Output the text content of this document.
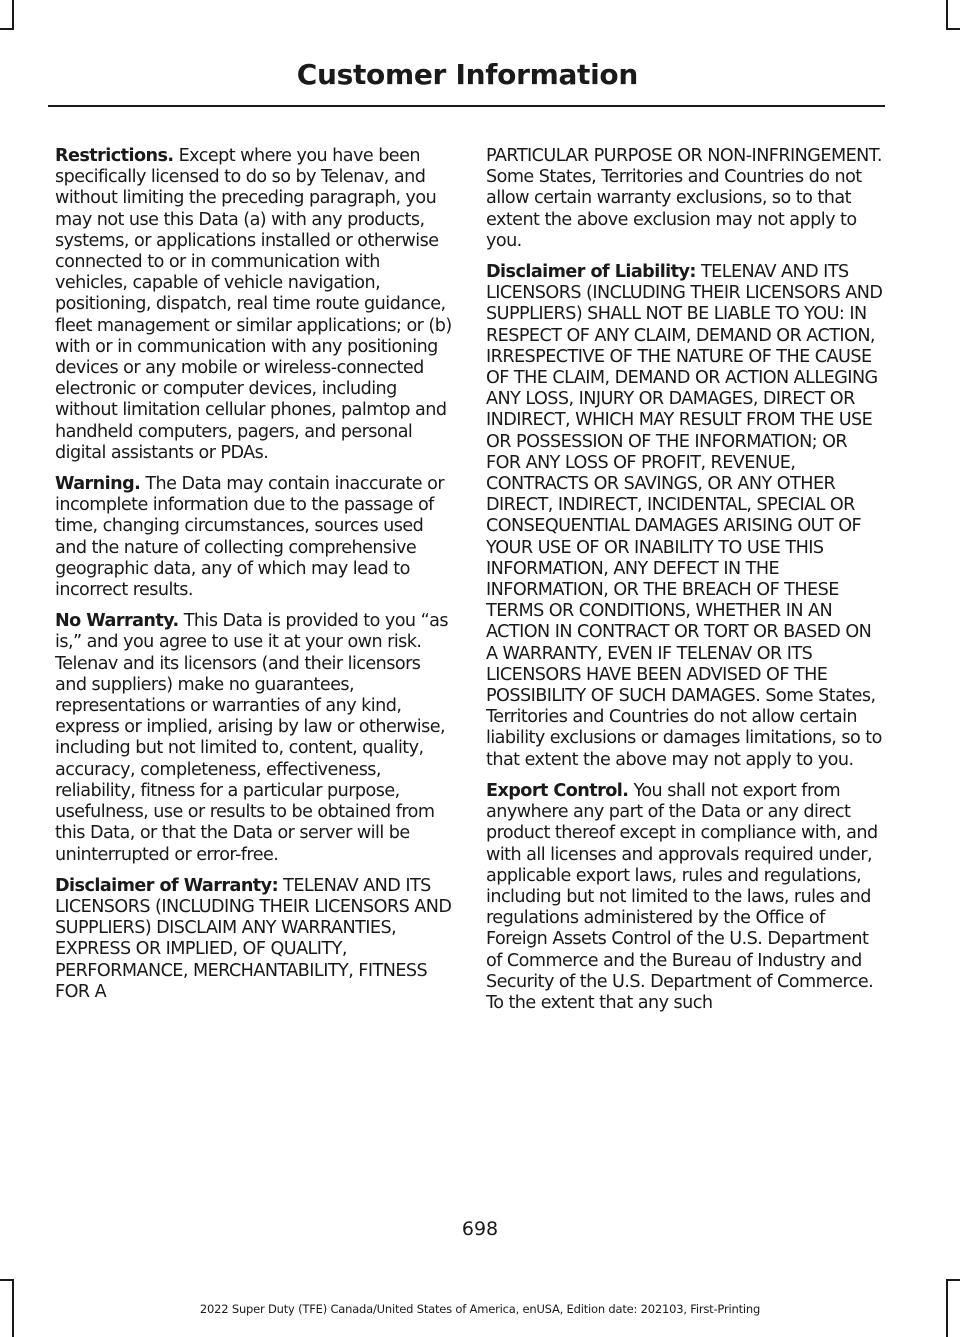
Customer Information

Restrictions. Except where you have been specifically licensed to do so by Telenav, and without limiting the preceding paragraph, you may not use this Data (a) with any products, systems, or applications installed or otherwise connected to or in communication with vehicles, capable of vehicle navigation, positioning, dispatch, real time route guidance, fleet management or similar applications; or (b) with or in communication with any positioning devices or any mobile or wireless-connected electronic or computer devices, including without limitation cellular phones, palmtop and handheld computers, pagers, and personal digital assistants or PDAs.

Warning. The Data may contain inaccurate or incomplete information due to the passage of time, changing circumstances, sources used and the nature of collecting comprehensive geographic data, any of which may lead to incorrect results.

No Warranty. This Data is provided to you “as is,” and you agree to use it at your own risk. Telenav and its licensors (and their licensors and suppliers) make no guarantees, representations or warranties of any kind, express or implied, arising by law or otherwise, including but not limited to, content, quality, accuracy, completeness, effectiveness, reliability, fitness for a particular purpose, usefulness, use or results to be obtained from this Data, or that the Data or server will be uninterrupted or error-free.

Disclaimer of Warranty: TELENAV AND ITS LICENSORS (INCLUDING THEIR LICENSORS AND SUPPLIERS) DISCLAIM ANY WARRANTIES, EXPRESS OR IMPLIED, OF QUALITY, PERFORMANCE, MERCHANTABILITY, FITNESS FOR A

PARTICULAR PURPOSE OR NON-INFRINGEMENT. Some States, Territories and Countries do not allow certain warranty exclusions, so to that extent the above exclusion may not apply to you.

Disclaimer of Liability: TELENAV AND ITS LICENSORS (INCLUDING THEIR LICENSORS AND SUPPLIERS) SHALL NOT BE LIABLE TO YOU: IN RESPECT OF ANY CLAIM, DEMAND OR ACTION, IRRESPECTIVE OF THE NATURE OF THE CAUSE OF THE CLAIM, DEMAND OR ACTION ALLEGING ANY LOSS, INJURY OR DAMAGES, DIRECT OR INDIRECT, WHICH MAY RESULT FROM THE USE OR POSSESSION OF THE INFORMATION; OR FOR ANY LOSS OF PROFIT, REVENUE, CONTRACTS OR SAVINGS, OR ANY OTHER DIRECT, INDIRECT, INCIDENTAL, SPECIAL OR CONSEQUENTIAL DAMAGES ARISING OUT OF YOUR USE OF OR INABILITY TO USE THIS INFORMATION, ANY DEFECT IN THE INFORMATION, OR THE BREACH OF THESE TERMS OR CONDITIONS, WHETHER IN AN ACTION IN CONTRACT OR TORT OR BASED ON A WARRANTY, EVEN IF TELENAV OR ITS LICENSORS HAVE BEEN ADVISED OF THE POSSIBILITY OF SUCH DAMAGES. Some States, Territories and Countries do not allow certain liability exclusions or damages limitations, so to that extent the above may not apply to you.

Export Control. You shall not export from anywhere any part of the Data or any direct product thereof except in compliance with, and with all licenses and approvals required under, applicable export laws, rules and regulations, including but not limited to the laws, rules and regulations administered by the Office of Foreign Assets Control of the U.S. Department of Commerce and the Bureau of Industry and Security of the U.S. Department of Commerce. To the extent that any such

698
2022 Super Duty (TFE) Canada/United States of America, enUSA, Edition date: 202103, First-Printing
